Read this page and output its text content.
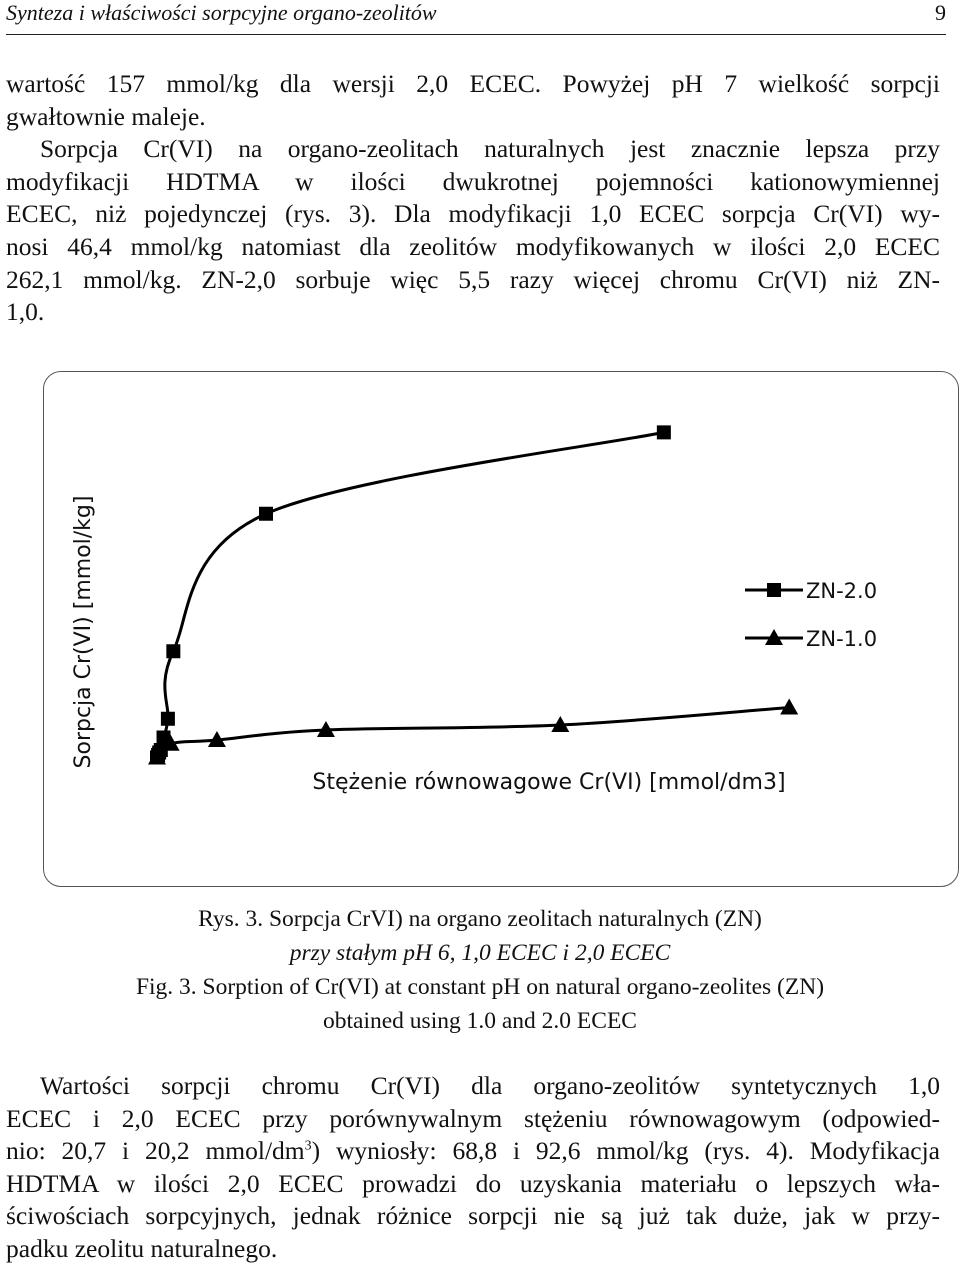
Synteza i właściwości sorpcyjne organo-zeolitów	9
wartość 157 mmol/kg dla wersji 2,0 ECEC. Powyżej pH 7 wielkość sorpcji
gwałtownie maleje.
Sorpcja Cr(VI) na organo-zeolitach naturalnych jest znacznie lepsza przy
modyfikacji HDTMA w ilości dwukrotnej pojemności kationowymiennej
ECEC, niż pojedynczej (rys. 3). Dla modyfikacji 1,0 ECEC sorpcja Cr(VI) wy-
nosi 46,4 mmol/kg natomiast dla zeolitów modyfikowanych w ilości 2,0 ECEC
262,1 mmol/kg. ZN-2,0 sorbuje więc 5,5 razy więcej chromu Cr(VI) niż ZN-
1,0.
Sorpcja Cr(VI) [mmol/kg]
Stężenie równowagowe Cr(VI) [mmol/dm3]
ZN-2.0
ZN-1.0
Rys. 3. Sorpcja CrVI) na organo zeolitach naturalnych (ZN)
przy stałym pH 6, 1,0 ECEC i 2,0 ECEC
Fig. 3. Sorption of Cr(VI) at constant pH on natural organo-zeolites (ZN)
obtained using 1.0 and 2.0 ECEC
Wartości sorpcji chromu Cr(VI) dla organo-zeolitów syntetycznych 1,0
ECEC i 2,0 ECEC przy porównywalnym stężeniu równowagowym (odpowied-
nio: 20,7 i 20,2 mmol/$dm^3$) wyniosły: 68,8 i 92,6 mmol/kg (rys. 4). Modyfikacja
HDTMA w ilości 2,0 ECEC prowadzi do uzyskania materiału o lepszych wła-
ściwościach sorpcyjnych, jednak różnice sorpcji nie są już tak duże, jak w przy-
padku zeolitu naturalnego.
